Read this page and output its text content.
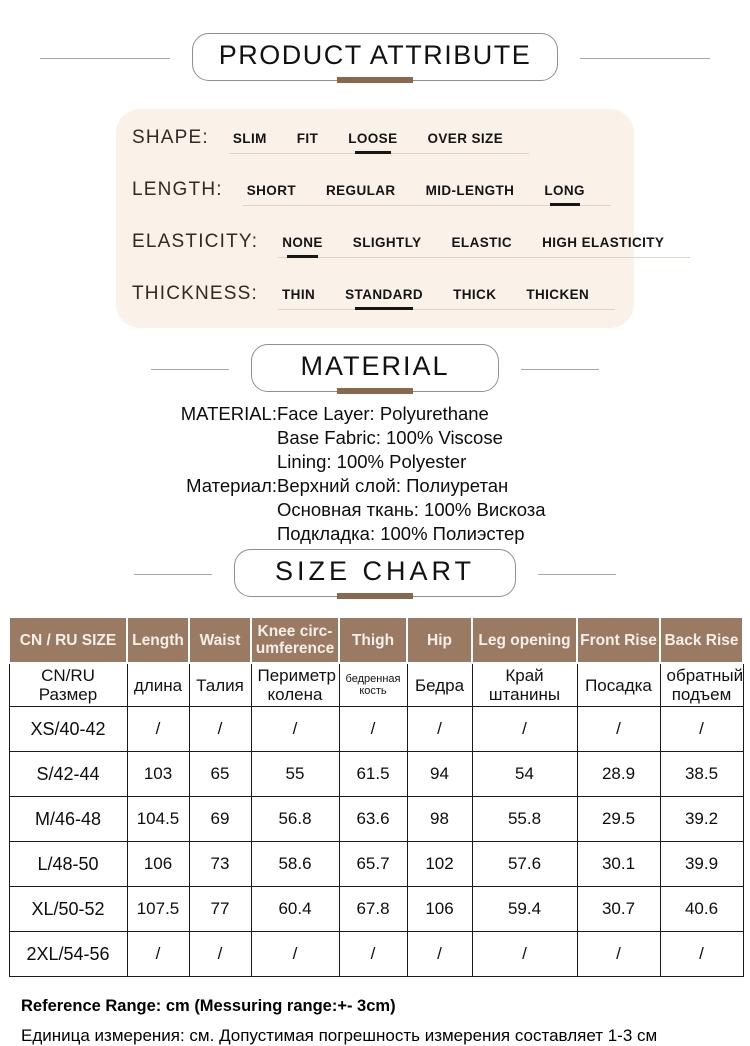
PRODUCT ATTRIBUTE
SHAPE: SLIM FIT LOOSE OVER SIZE
LENGTH: SHORT REGULAR MID-LENGTH LONG
ELASTICITY: NONE SLIGHTLY ELASTIC HIGH ELASTICITY
THICKNESS: THIN STANDARD THICK THICKEN
MATERIAL
MATERIAL: Face Layer: Polyurethane
Base Fabric: 100% Viscose
Lining: 100% Polyester
Материал: Верхний слой: Полиуретан
Основная ткань: 100% Вискоза
Подкладка: 100% Полиэстер
SIZE CHART
CN / RU SIZE	Length	Waist	Knee circ-umference	Thigh	Hip	Leg opening	Front Rise	Back Rise
CN/RU Размер	длина	Талия	Периметр колена	бедренная кость	Бедра	Край штанины	Посадка	обратный подъем
XS/40-42	/	/	/	/	/	/	/	/
S/42-44	103	65	55	61.5	94	54	28.9	38.5
M/46-48	104.5	69	56.8	63.6	98	55.8	29.5	39.2
L/48-50	106	73	58.6	65.7	102	57.6	30.1	39.9
XL/50-52	107.5	77	60.4	67.8	106	59.4	30.7	40.6
2XL/54-56	/	/	/	/	/	/	/	/
Reference Range: cm (Messuring range:+- 3cm)
Единица измерения: см. Допустимая погрешность измерения составляет 1-3 см
